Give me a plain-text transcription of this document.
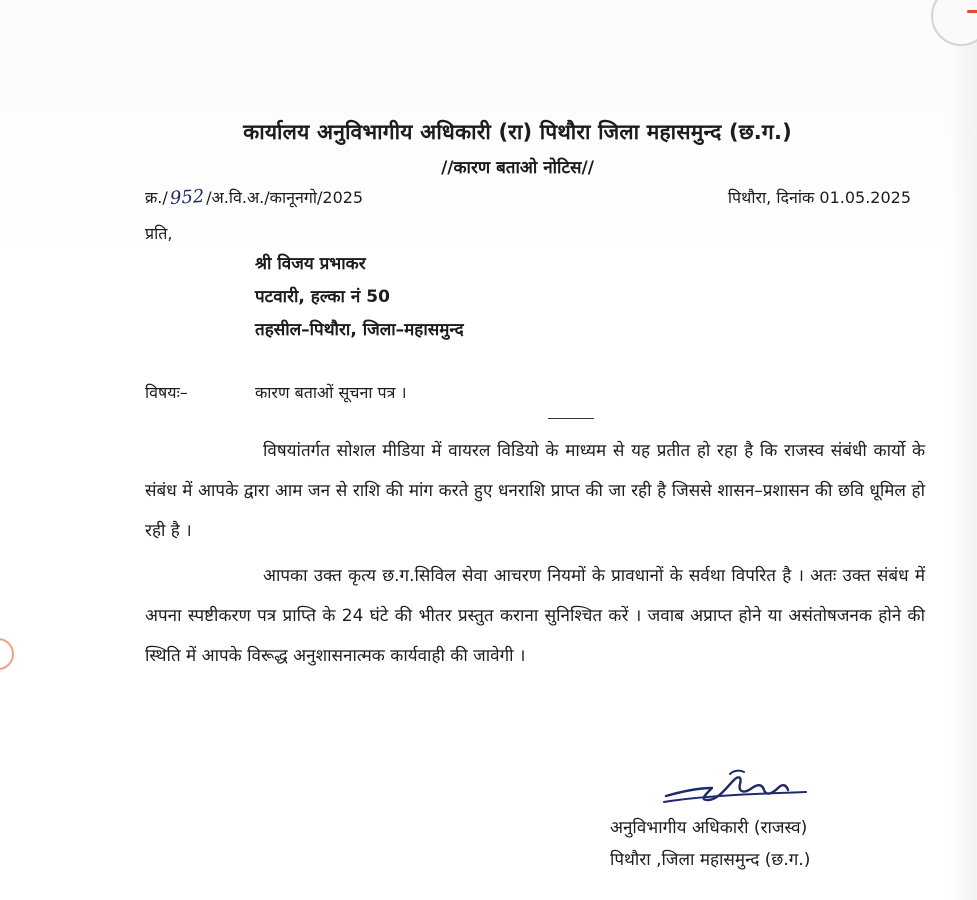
कार्यालय अनुविभागीय अधिकारी (रा) पिथौरा जिला महासमुन्द (छ.ग.)
//कारण बताओ नोटिस//
क्र./952/अ.वि.अ./कानूनगो/2025	पिथौरा, दिनांक 01.05.2025
प्रति,
श्री विजय प्रभाकर
पटवारी, हल्का नं 50
तहसील–पिथौरा, जिला–महासमुन्द
विषयः–	कारण बताओं सूचना पत्र ।
विषयांतर्गत सोशल मीडिया में वायरल विडियो के माध्यम से यह प्रतीत हो रहा है कि राजस्व संबंधी कार्यो के संबंध में आपके द्वारा आम जन से राशि की मांग करते हुए धनराशि प्राप्त की जा रही है जिससे शासन–प्रशासन की छवि धूमिल हो रही है ।
आपका उक्त कृत्य छ.ग.सिविल सेवा आचरण नियमों के प्रावधानों के सर्वथा विपरित है । अतः उक्त संबंध में अपना स्पष्टीकरण पत्र प्राप्ति के 24 घंटे की भीतर प्रस्तुत कराना सुनिश्चित करें । जवाब अप्राप्त होने या असंतोषजनक होने की स्थिति में आपके विरूद्ध अनुशासनात्मक कार्यवाही की जावेगी ।
अनुविभागीय अधिकारी (राजस्व)
पिथौरा ,जिला महासमुन्द (छ.ग.)
